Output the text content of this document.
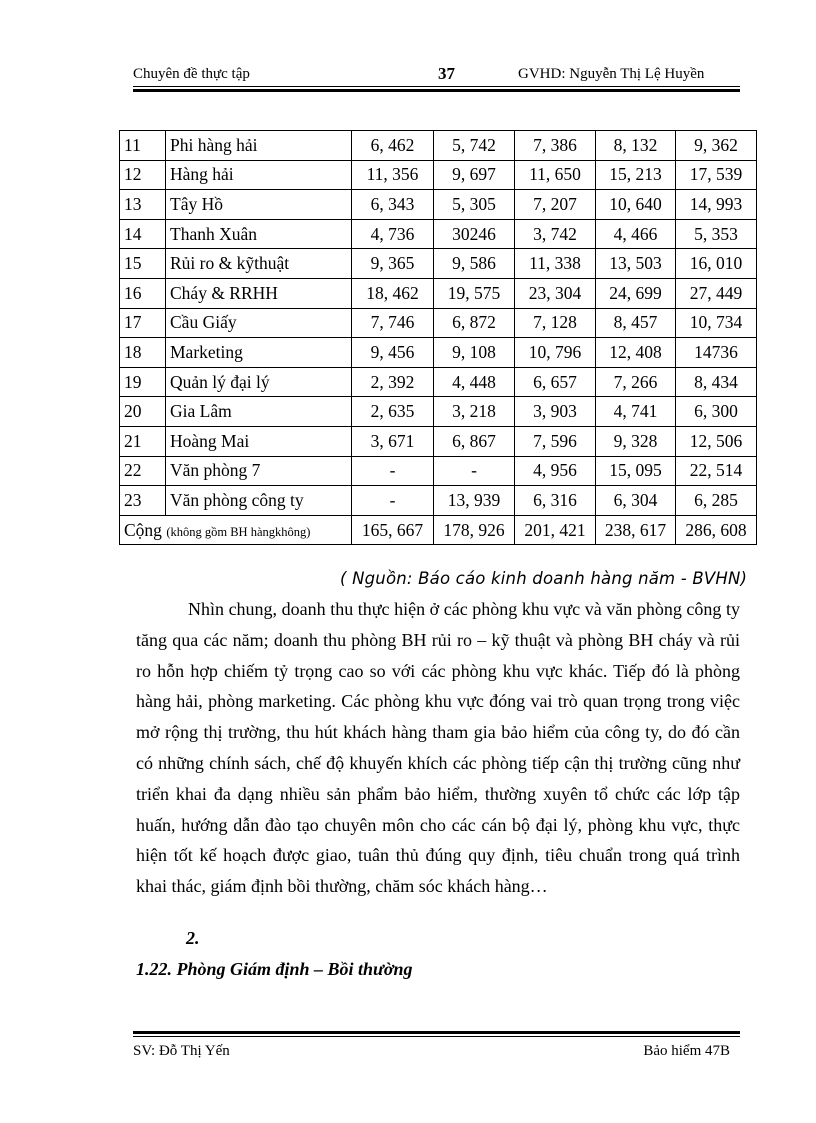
Chuyên đề thực tập	37	GVHD: Nguyễn Thị Lệ Huyền
11	Phi hàng hải	6, 462	5, 742	7, 386	8, 132	9, 362
12	Hàng hải	11, 356	9, 697	11, 650	15, 213	17, 539
13	Tây Hồ	6, 343	5, 305	7, 207	10, 640	14, 993
14	Thanh Xuân	4, 736	30246	3, 742	4, 466	5, 353
15	Rủi ro & kỹthuật	9, 365	9, 586	11, 338	13, 503	16, 010
16	Cháy & RRHH	18, 462	19, 575	23, 304	24, 699	27, 449
17	Cầu Giấy	7, 746	6, 872	7, 128	8, 457	10, 734
18	Marketing	9, 456	9, 108	10, 796	12, 408	14736
19	Quản lý đại lý	2, 392	4, 448	6, 657	7, 266	8, 434
20	Gia Lâm	2, 635	3, 218	3, 903	4, 741	6, 300
21	Hoàng Mai	3, 671	6, 867	7, 596	9, 328	12, 506
22	Văn phòng 7	-	-	4, 956	15, 095	22, 514
23	Văn phòng công ty	-	13, 939	6, 316	6, 304	6, 285
Cộng (không gồm BH hàngkhông)		165, 667	178, 926	201, 421	238, 617	286, 608
( Nguồn: Báo cáo kinh doanh hàng năm - BVHN)
Nhìn chung, doanh thu thực hiện ở các phòng khu vực và văn phòng công ty tăng qua các năm; doanh thu phòng BH rủi ro – kỹ thuật và phòng BH cháy và rủi ro hỗn hợp chiếm tỷ trọng cao so với các phòng khu vực khác. Tiếp đó là phòng hàng hải, phòng marketing. Các phòng khu vực đóng vai trò quan trọng trong việc mở rộng thị trường, thu hút khách hàng tham gia bảo hiểm của công ty, do đó cần có những chính sách, chế độ khuyến khích các phòng tiếp cận thị trường cũng như triển khai đa dạng nhiều sản phẩm bảo hiểm, thường xuyên tổ chức các lớp tập huấn, hướng dẫn đào tạo chuyên môn cho các cán bộ đại lý, phòng khu vực, thực hiện tốt kế hoạch được giao, tuân thủ đúng quy định, tiêu chuẩn trong quá trình khai thác, giám định bồi thường, chăm sóc khách hàng…
2.
1.22. Phòng Giám định – Bồi thường
SV: Đỗ Thị Yến	Bảo hiểm 47B
